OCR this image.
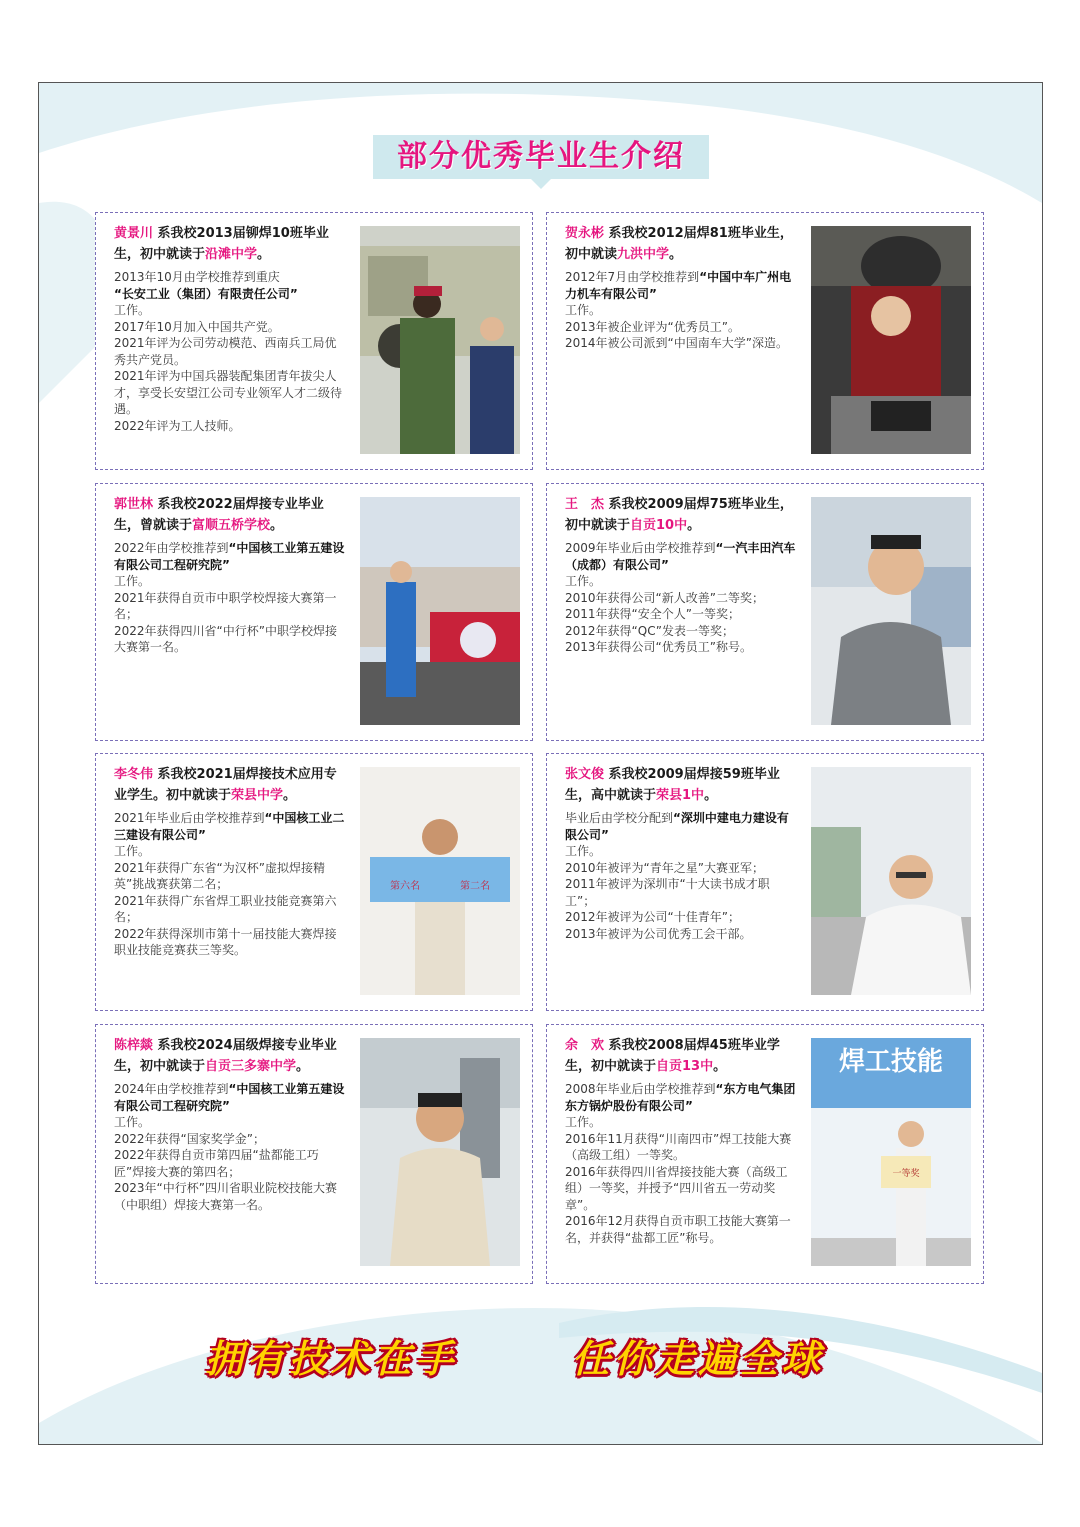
部分优秀毕业生介绍
黄景川 系我校2013届铆焊10班毕业生，初中就读于沿滩中学。
2013年10月由学校推荐到重庆
“长安工业（集团）有限责任公司”
工作。
2017年10月加入中国共产党。
2021年评为公司劳动模范、西南兵工局优秀共产党员。
2021年评为中国兵器装配集团青年拔尖人才，享受长安望江公司专业领军人才二级待遇。
2022年评为工人技师。
贺永彬 系我校2012届焊81班毕业生，初中就读九洪中学。
2012年7月由学校推荐到“中国中车广州电力机车有限公司”
工作。
2013年被企业评为“优秀员工”。
2014年被公司派到“中国南车大学”深造。
郭世林 系我校2022届焊接专业毕业生，曾就读于富顺五桥学校。
2022年由学校推荐到“中国核工业第五建设有限公司工程研究院”
工作。
2021年获得自贡市中职学校焊接大赛第一名；
2022年获得四川省“中行杯”中职学校焊接大赛第一名。
王　杰 系我校2009届焊75班毕业生，初中就读于自贡10中。
2009年毕业后由学校推荐到“一汽丰田汽车（成都）有限公司”
工作。
2010年获得公司“新人改善”二等奖；
2011年获得“安全个人”一等奖；
2012年获得“QC”发表一等奖；
2013年获得公司“优秀员工”称号。
李冬伟 系我校2021届焊接技术应用专业学生。初中就读于荣县中学。
2021年毕业后由学校推荐到“中国核工业二三建设有限公司”
工作。
2021年获得广东省“为汉杯”虚拟焊接精英”挑战赛获第二名；
2021年获得广东省焊工职业技能竞赛第六名；
2022年获得深圳市第十一届技能大赛焊接职业技能竞赛获三等奖。
第六名	第二名
张文俊 系我校2009届焊接59班毕业生，高中就读于荣县1中。
毕业后由学校分配到“深圳中建电力建设有限公司”
工作。
2010年被评为“青年之星”大赛亚军；
2011年被评为深圳市“十大读书成才职工”；
2012年被评为公司“十佳青年”；
2013年被评为公司优秀工会干部。
陈梓燚 系我校2024届级焊接专业毕业生，初中就读于自贡三多寨中学。
2024年由学校推荐到“中国核工业第五建设有限公司工程研究院”
工作。
2022年获得“国家奖学金”；
2022年获得自贡市第四届“盐都能工巧匠”焊接大赛的第四名；
2023年“中行杯”四川省职业院校技能大赛（中职组）焊接大赛第一名。
余　欢 系我校2008届焊45班毕业学生，初中就读于自贡13中。
2008年毕业后由学校推荐到“东方电气集团东方锅炉股份有限公司”
工作。
2016年11月获得“川南四市”焊工技能大赛（高级工组）一等奖。
2016年获得四川省焊接技能大赛（高级工组）一等奖，并授予“四川省五一劳动奖章”。
2016年12月获得自贡市职工技能大赛第一名，并获得“盐都工匠”称号。
焊工技能
一等奖
拥有技术在手	任你走遍全球
